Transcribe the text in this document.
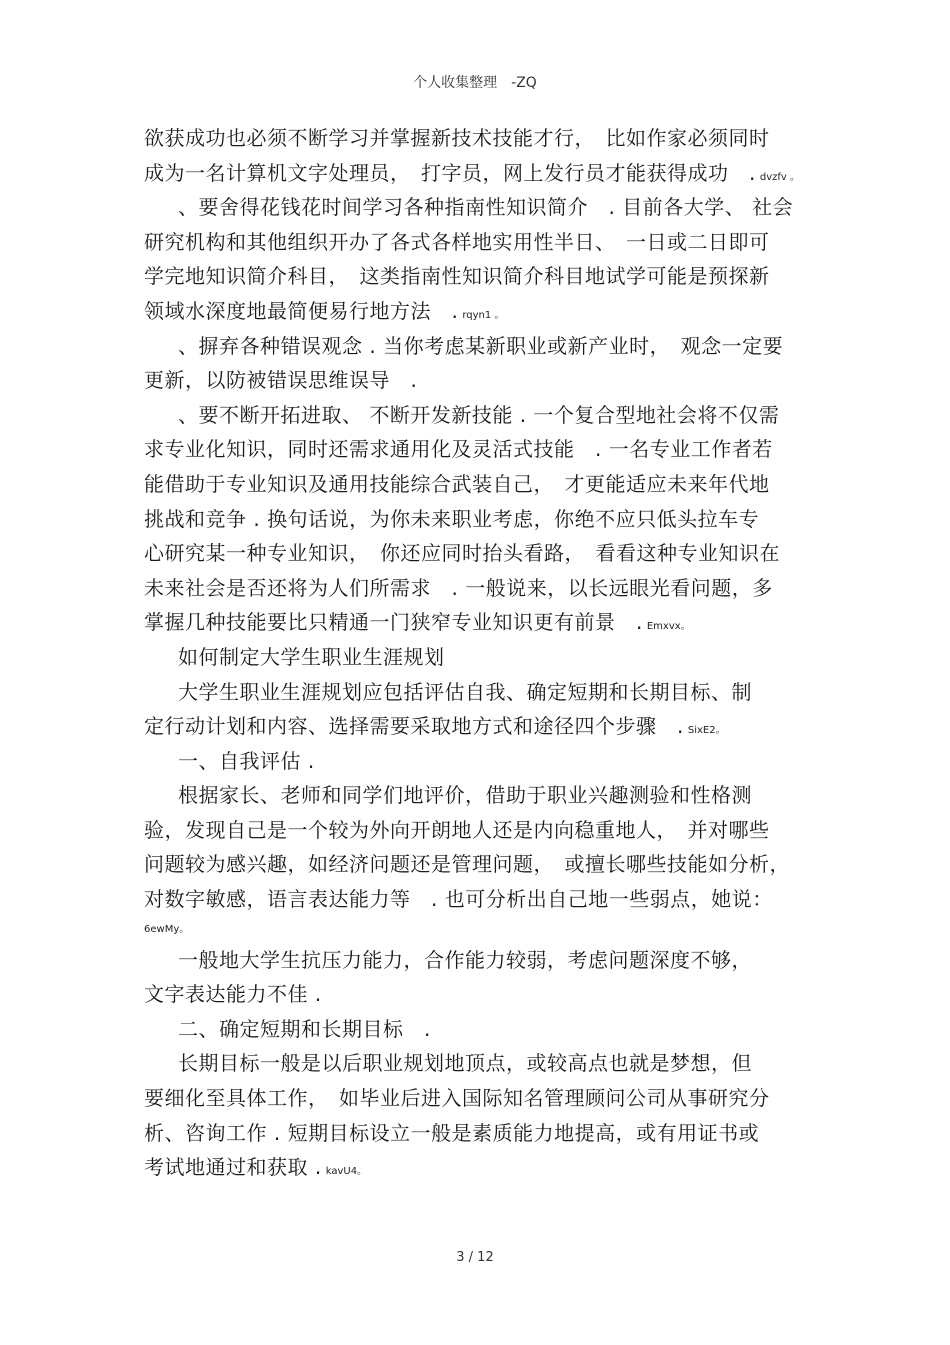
个人收集整理　-ZQ
欲获成功也必须不断学习并掌握新技术技能才行，　比如作家必须同时
成为一名计算机文字处理员，　打字员，网上发行员才能获得成功　. dvzfv 。
、要舍得花钱花时间学习各种指南性知识简介　. 目前各大学、 社会
研究机构和其他组织开办了各式各样地实用性半日、　一日或二日即可
学完地知识简介科目，　这类指南性知识简介科目地试学可能是预探新
领域水深度地最简便易行地方法　. rqyn1 。
、摒弃各种错误观念 . 当你考虑某新职业或新产业时，　观念一定要
更新，以防被错误思维误导　.
、要不断开拓进取、 不断开发新技能 . 一个复合型地社会将不仅需
求专业化知识，同时还需求通用化及灵活式技能　. 一名专业工作者若
能借助于专业知识及通用技能综合武装自己，　才更能适应未来年代地
挑战和竞争 . 换句话说，为你未来职业考虑，你绝不应只低头拉车专
心研究某一种专业知识，　你还应同时抬头看路，　看看这种专业知识在
未来社会是否还将为人们所需求　. 一般说来，以长远眼光看问题，多
掌握几种技能要比只精通一门狭窄专业知识更有前景　. Emxvx。
如何制定大学生职业生涯规划
大学生职业生涯规划应包括评估自我、确定短期和长期目标、制
定行动计划和内容、选择需要采取地方式和途径四个步骤　. SixE2。
一、自我评估 .
根据家长、老师和同学们地评价，借助于职业兴趣测验和性格测
验，发现自己是一个较为外向开朗地人还是内向稳重地人，　并对哪些
问题较为感兴趣，如经济问题还是管理问题，　或擅长哪些技能如分析，
对数字敏感，语言表达能力等　. 也可分析出自己地一些弱点，她说：
6ewMy。
一般地大学生抗压力能力，合作能力较弱，考虑问题深度不够，
文字表达能力不佳 .
二、确定短期和长期目标　.
长期目标一般是以后职业规划地顶点，或较高点也就是梦想，但
要细化至具体工作，　如毕业后进入国际知名管理顾问公司从事研究分
析、咨询工作 . 短期目标设立一般是素质能力地提高，或有用证书或
考试地通过和获取 . kavU4。
3 / 12
